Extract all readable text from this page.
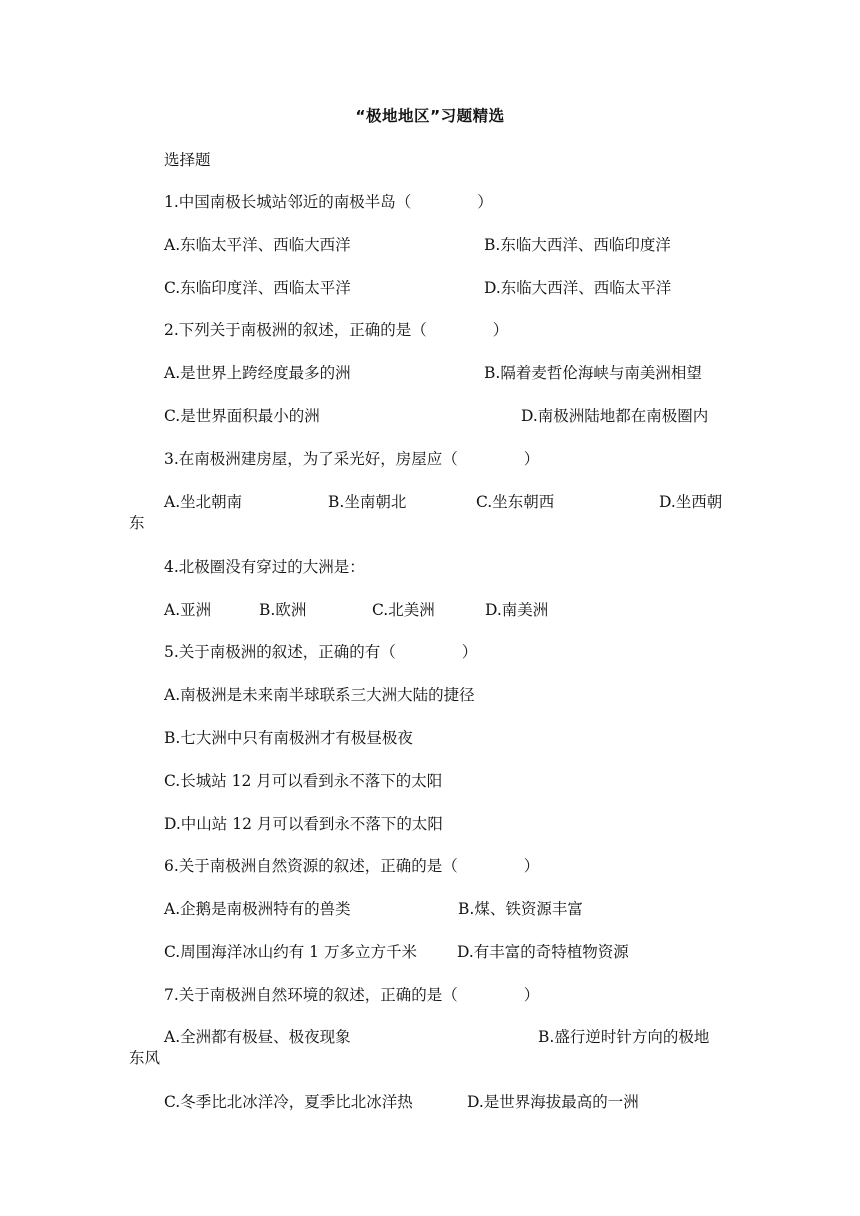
“极地地区”习题精选
选择题
1.中国南极长城站邻近的南极半岛（	）
A.东临太平洋、西临大西洋	B.东临大西洋、西临印度洋
C.东临印度洋、西临太平洋	D.东临大西洋、西临太平洋
2.下列关于南极洲的叙述，正确的是（	）
A.是世界上跨经度最多的洲	B.隔着麦哲伦海峡与南美洲相望
C.是世界面积最小的洲	D.南极洲陆地都在南极圈内
3.在南极洲建房屋，为了采光好，房屋应（	）
A.坐北朝南	B.坐南朝北	C.坐东朝西	D.坐西朝
东
4.北极圈没有穿过的大洲是：
A.亚洲	B.欧洲	C.北美洲	D.南美洲
5.关于南极洲的叙述，正确的有（	）
A.南极洲是未来南半球联系三大洲大陆的捷径
B.七大洲中只有南极洲才有极昼极夜
C.长城站 12 月可以看到永不落下的太阳
D.中山站 12 月可以看到永不落下的太阳
6.关于南极洲自然资源的叙述，正确的是（	）
A.企鹅是南极洲特有的兽类	B.煤、铁资源丰富
C.周围海洋冰山约有 1 万多立方千米	D.有丰富的奇特植物资源
7.关于南极洲自然环境的叙述，正确的是（	）
A.全洲都有极昼、极夜现象	B.盛行逆时针方向的极地
东风
C.冬季比北冰洋冷，夏季比北冰洋热	D.是世界海拔最高的一洲
